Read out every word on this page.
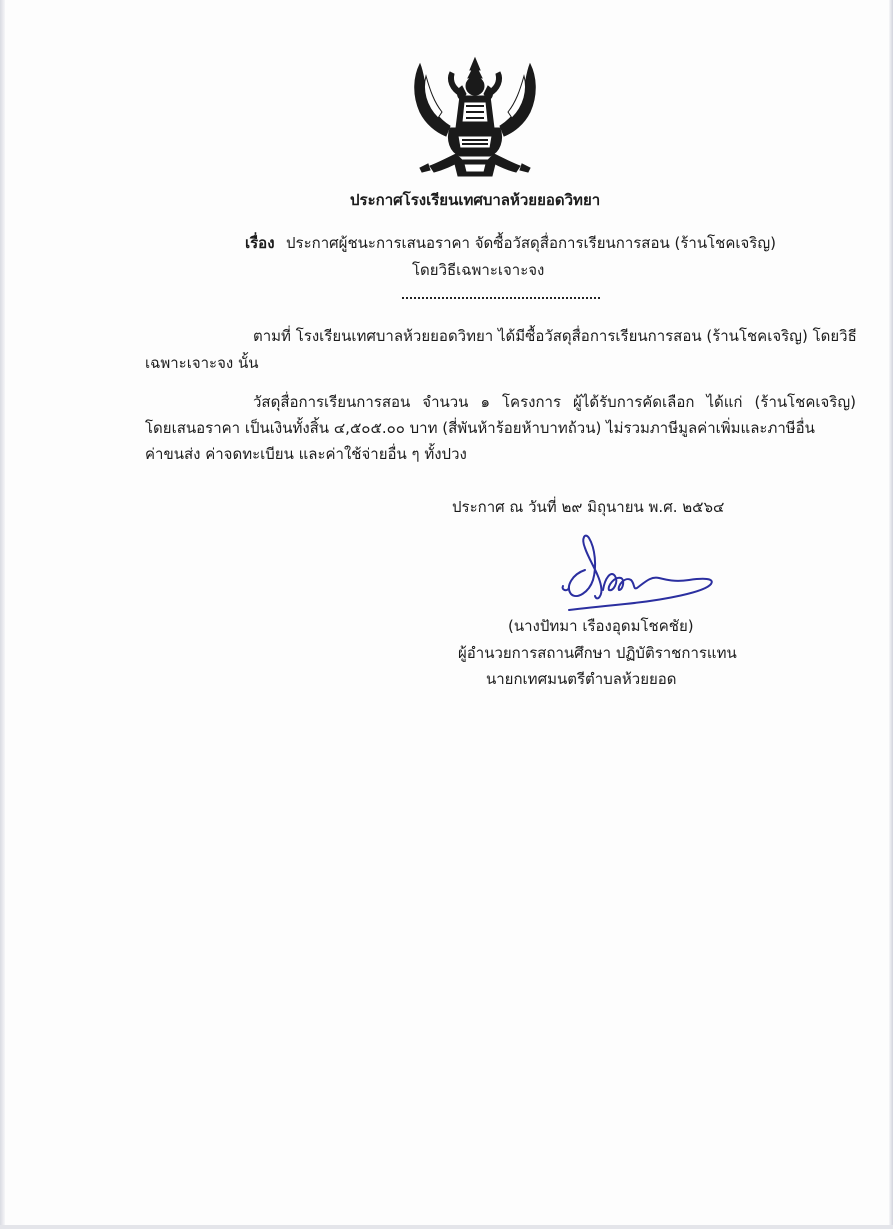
ประกาศโรงเรียนเทศบาลห้วยยอดวิทยา
เรื่อง ประกาศผู้ชนะการเสนอราคา จัดซื้อวัสดุสื่อการเรียนการสอน (ร้านโชคเจริญ)
โดยวิธีเฉพาะเจาะจง
ตามที่ โรงเรียนเทศบาลห้วยยอดวิทยา ได้มีซื้อวัสดุสื่อการเรียนการสอน (ร้านโชคเจริญ) โดยวิธี
เฉพาะเจาะจง นั้น
วัสดุสื่อการเรียนการสอน จำนวน ๑ โครงการ ผู้ได้รับการคัดเลือก ได้แก่ (ร้านโชคเจริญ)
โดยเสนอราคา เป็นเงินทั้งสิ้น ๔,๕๐๕.๐๐ บาท (สี่พันห้าร้อยห้าบาทถ้วน) ไม่รวมภาษีมูลค่าเพิ่มและภาษีอื่น
ค่าขนส่ง ค่าจดทะเบียน และค่าใช้จ่ายอื่น ๆ ทั้งปวง
ประกาศ ณ วันที่ ๒๙ มิถุนายน พ.ศ. ๒๕๖๔
(นางปัทมา เรืองอุดมโชคชัย)
ผู้อำนวยการสถานศึกษา ปฏิบัติราชการแทน
นายกเทศมนตรีตำบลห้วยยอด
